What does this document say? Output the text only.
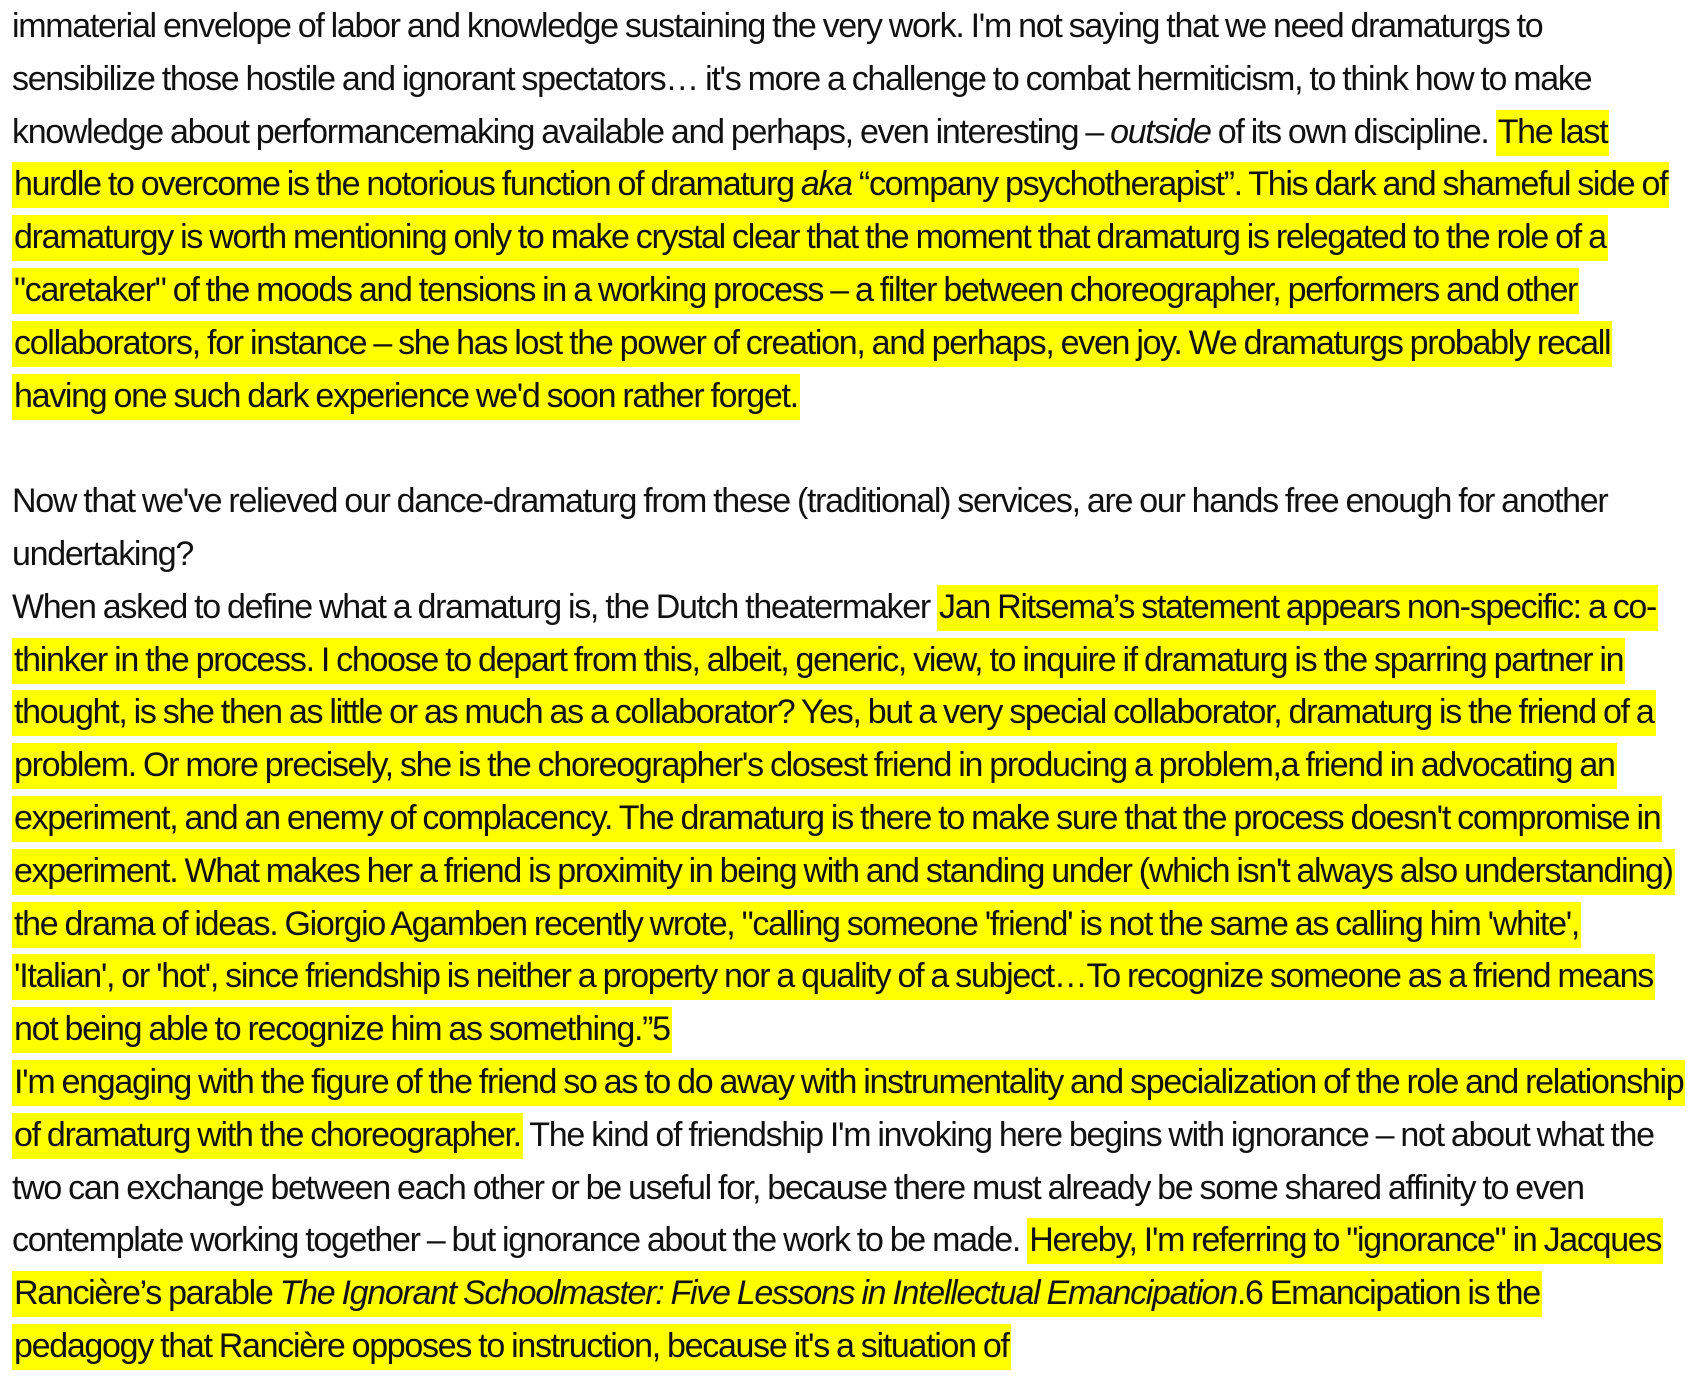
immaterial envelope of labor and knowledge sustaining the very work. I'm not saying that we need dramaturgs to sensibilize those hostile and ignorant spectators… it's more a challenge to combat hermiticism, to think how to make knowledge about performancemaking available and perhaps, even interesting – outside of its own discipline. The last hurdle to overcome is the notorious function of dramaturg aka “company psychotherapist”. This dark and shameful side of dramaturgy is worth mentioning only to make crystal clear that the moment that dramaturg is relegated to the role of a "caretaker" of the moods and tensions in a working process – a filter between choreographer, performers and other collaborators, for instance – she has lost the power of creation, and perhaps, even joy. We dramaturgs probably recall having one such dark experience we'd soon rather forget.

Now that we've relieved our dance-dramaturg from these (traditional) services, are our hands free enough for another undertaking?

When asked to define what a dramaturg is, the Dutch theatermaker Jan Ritsema’s statement appears non-specific: a co-thinker in the process. I choose to depart from this, albeit, generic, view, to inquire if dramaturg is the sparring partner in thought, is she then as little or as much as a collaborator? Yes, but a very special collaborator, dramaturg is the friend of a problem. Or more precisely, she is the choreographer's closest friend in producing a problem,a friend in advocating an experiment, and an enemy of complacency. The dramaturg is there to make sure that the process doesn't compromise in experiment. What makes her a friend is proximity in being with and standing under (which isn't always also understanding) the drama of ideas. Giorgio Agamben recently wrote, "calling someone 'friend' is not the same as calling him 'white', 'Italian', or 'hot', since friendship is neither a property nor a quality of a subject…To recognize someone as a friend means not being able to recognize him as something.”5

I'm engaging with the figure of the friend so as to do away with instrumentality and specialization of the role and relationship of dramaturg with the choreographer. The kind of friendship I'm invoking here begins with ignorance – not about what the two can exchange between each other or be useful for, because there must already be some shared affinity to even contemplate working together – but ignorance about the work to be made. Hereby, I'm referring to "ignorance" in Jacques Rancière’s parable The Ignorant Schoolmaster: Five Lessons in Intellectual Emancipation.6 Emancipation is the pedagogy that Rancière opposes to instruction, because it's a situation of
